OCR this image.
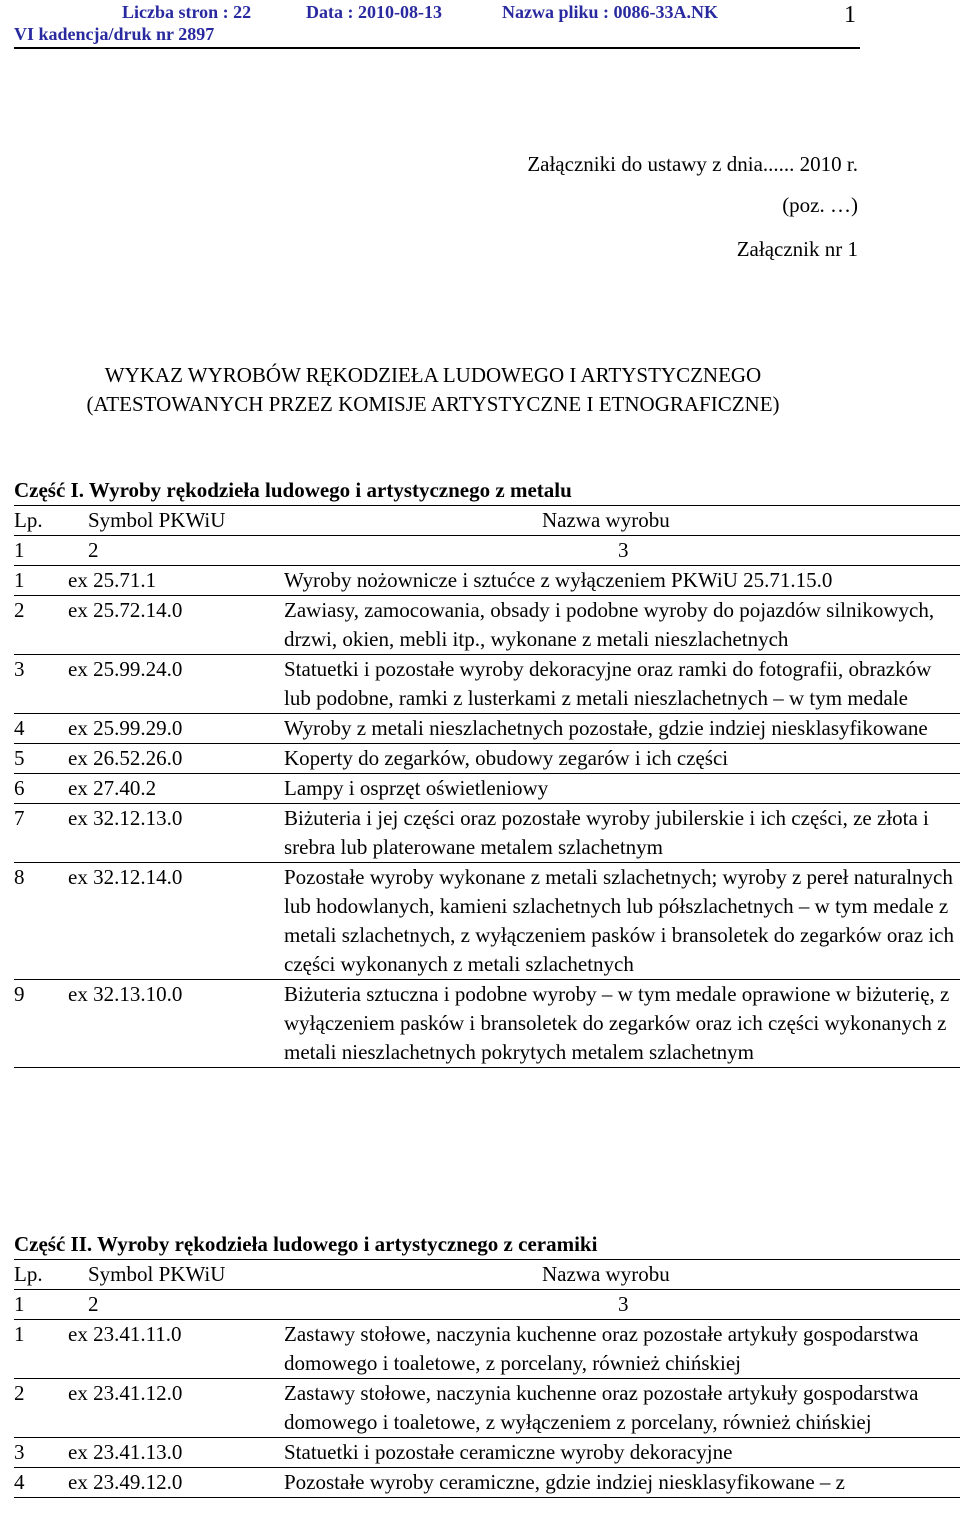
Liczba stron : 22	Data : 2010-08-13	Nazwa pliku : 0086-33A.NK
VI kadencja/druk nr 2897
1
Załączniki do ustawy z dnia...... 2010 r.
(poz. …)
Załącznik nr 1
WYKAZ WYROBÓW RĘKODZIEŁA LUDOWEGO I ARTYSTYCZNEGO
(ATESTOWANYCH PRZEZ KOMISJE ARTYSTYCZNE I ETNOGRAFICZNE)
Część I. Wyroby rękodzieła ludowego i artystycznego z metalu
Lp.	Symbol PKWiU	Nazwa wyrobu
1	2	3
1	ex 25.71.1	Wyroby nożownicze i sztućce z wyłączeniem PKWiU 25.71.15.0
2	ex 25.72.14.0	Zawiasy, zamocowania, obsady i podobne wyroby do pojazdów silnikowych, drzwi, okien, mebli itp., wykonane z metali nieszlachetnych
3	ex 25.99.24.0	Statuetki i pozostałe wyroby dekoracyjne oraz ramki do fotografii, obrazków lub podobne, ramki z lusterkami z metali nieszlachetnych – w tym medale
4	ex 25.99.29.0	Wyroby z metali nieszlachetnych pozostałe, gdzie indziej niesklasyfikowane
5	ex 26.52.26.0	Koperty do zegarków, obudowy zegarów i ich części
6	ex 27.40.2	Lampy i osprzęt oświetleniowy
7	ex 32.12.13.0	Biżuteria i jej części oraz pozostałe wyroby jubilerskie i ich części, ze złota i srebra lub platerowane metalem szlachetnym
8	ex 32.12.14.0	Pozostałe wyroby wykonane z metali szlachetnych; wyroby z pereł naturalnych lub hodowlanych, kamieni szlachetnych lub półszlachetnych – w tym medale z metali szlachetnych, z wyłączeniem pasków i bransoletek do zegarków oraz ich części wykonanych z metali szlachetnych
9	ex 32.13.10.0	Biżuteria sztuczna i podobne wyroby – w tym medale oprawione w biżuterię, z wyłączeniem pasków i bransoletek do zegarków oraz ich części wykonanych z metali nieszlachetnych pokrytych metalem szlachetnym
Część II. Wyroby rękodzieła ludowego i artystycznego z ceramiki
Lp.	Symbol PKWiU	Nazwa wyrobu
1	2	3
1	ex 23.41.11.0	Zastawy stołowe, naczynia kuchenne oraz pozostałe artykuły gospodarstwa domowego i toaletowe, z porcelany, również chińskiej
2	ex 23.41.12.0	Zastawy stołowe, naczynia kuchenne oraz pozostałe artykuły gospodarstwa domowego i toaletowe, z wyłączeniem z porcelany, również chińskiej
3	ex 23.41.13.0	Statuetki i pozostałe ceramiczne wyroby dekoracyjne
4	ex 23.49.12.0	Pozostałe wyroby ceramiczne, gdzie indziej niesklasyfikowane – z
